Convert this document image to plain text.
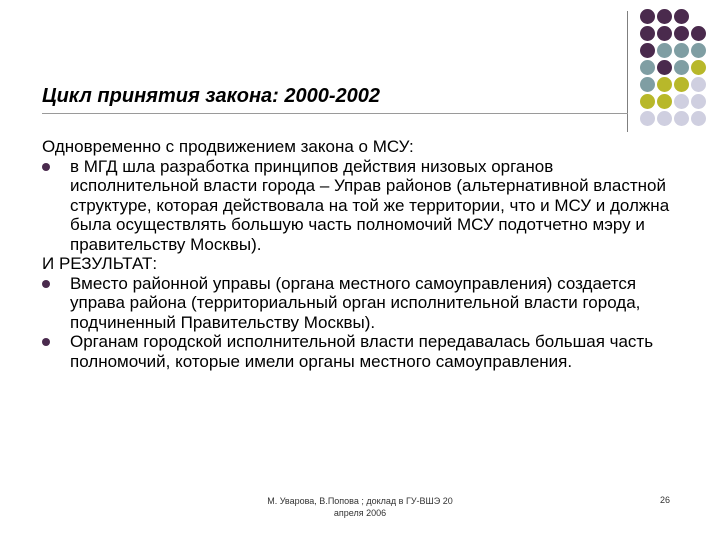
Цикл принятия закона: 2000-2002

Одновременно с продвижением закона о МСУ:

в МГД шла разработка принципов действия низовых органов исполнительной власти города – Управ районов (альтернативной властной структуре, которая действовала на той же территории, что и МСУ и должна была осуществлять большую часть полномочий МСУ подотчетно мэру и правительству Москвы).

И РЕЗУЛЬТАТ:

Вместо районной управы (органа местного самоуправления) создается управа района (территориальный орган исполнительной власти города, подчиненный Правительству Москвы).
Органам городской исполнительной власти передавалась большая часть полномочий, которые имели органы местного самоуправления.
М. Уварова, В.Попова ; доклад в ГУ-ВШЭ 20
апреля 2006
26
